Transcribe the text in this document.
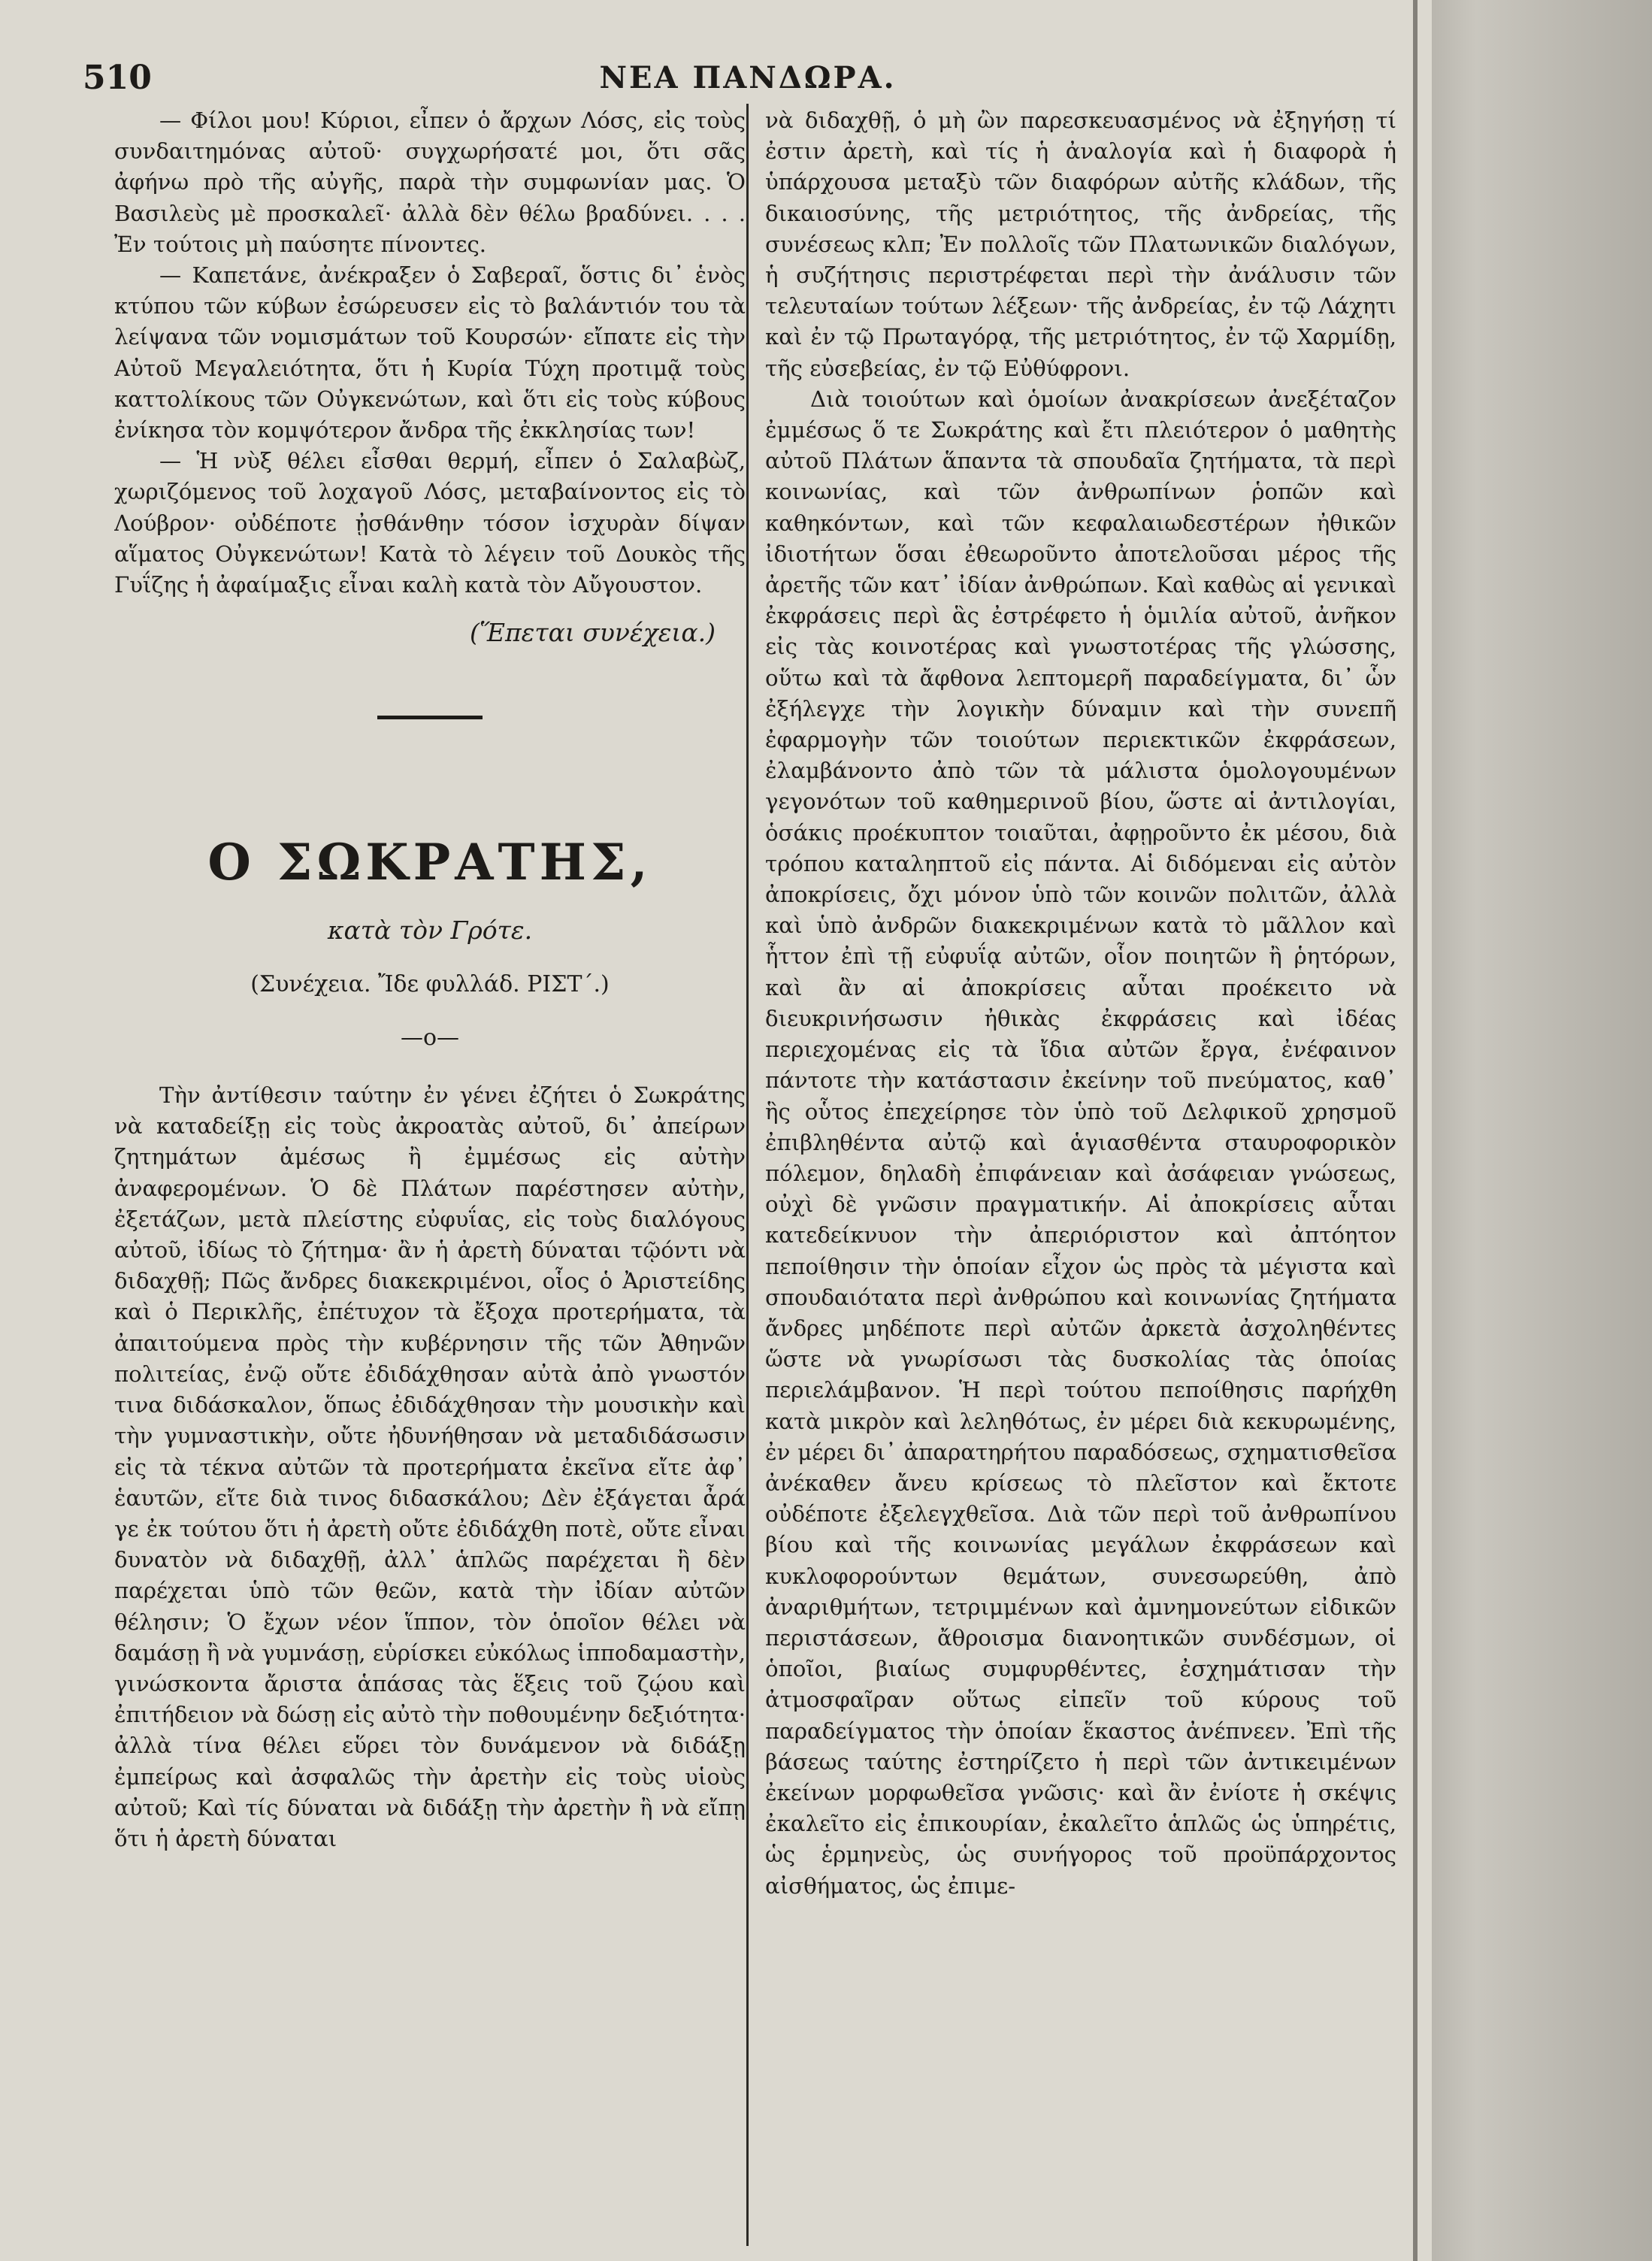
510	ΝΕΑ ΠΑΝΔΩΡΑ.

— Φίλοι μου! Κύριοι, εἶπεν ὁ ἄρχων Λόσς, εἰς τοὺς συνδαιτημόνας αὐτοῦ· συγχωρήσατέ μοι, ὅτι σᾶς ἀφήνω πρὸ τῆς αὐγῆς, παρὰ τὴν συμφωνίαν μας. Ὁ Βασιλεὺς μὲ προσκαλεῖ· ἀλλὰ δὲν θέλω βραδύνει. . . . Ἐν τούτοις μὴ παύσητε πίνοντες.

— Καπετάνε, ἀνέκραξεν ὁ Σαβεραῖ, ὅστις δι᾽ ἑνὸς κτύπου τῶν κύβων ἐσώρευσεν εἰς τὸ βαλάντιόν του τὰ λείψανα τῶν νομισμάτων τοῦ Κουρσών· εἴπατε εἰς τὴν Αὐτοῦ Μεγαλειότητα, ὅτι ἡ Κυρία Τύχη προτιμᾷ τοὺς καττολίκους τῶν Οὐγκενώτων, καὶ ὅτι εἰς τοὺς κύβους ἐνίκησα τὸν κομψότερον ἄνδρα τῆς ἐκκλησίας των!

— Ἡ νὺξ θέλει εἶσθαι θερμή, εἶπεν ὁ Σαλαβὼζ, χωριζόμενος τοῦ λοχαγοῦ Λόσς, μεταβαίνοντος εἰς τὸ Λούβρον· οὐδέποτε ᾐσθάνθην τόσον ἰσχυρὰν δίψαν αἵματος Οὐγκενώτων! Κατὰ τὸ λέγειν τοῦ Δουκὸς τῆς Γυΐζης ἡ ἀφαίμαξις εἶναι καλὴ κατὰ τὸν Αὔγουστον.

(Ἕπεται συνέχεια.)

Ο ΣΩΚΡΑΤΗΣ,

κατὰ τὸν Γρότε.

(Συνέχεια. Ἴδε φυλλάδ. ΡΙΣΤ΄.)

—ο—

Τὴν ἀντίθεσιν ταύτην ἐν γένει ἐζήτει ὁ Σωκράτης νὰ καταδείξῃ εἰς τοὺς ἀκροατὰς αὐτοῦ, δι᾽ ἀπείρων ζητημάτων ἀμέσως ἢ ἐμμέσως εἰς αὐτὴν ἀναφερομένων. Ὁ δὲ Πλάτων παρέστησεν αὐτὴν, ἐξετάζων, μετὰ πλείστης εὐφυΐας, εἰς τοὺς διαλόγους αὐτοῦ, ἰδίως τὸ ζήτημα· ἂν ἡ ἀρετὴ δύναται τῷόντι νὰ διδαχθῇ; Πῶς ἄνδρες διακεκριμένοι, οἷος ὁ Ἀριστείδης καὶ ὁ Περικλῆς, ἐπέτυχον τὰ ἔξοχα προτερήματα, τὰ ἀπαιτούμενα πρὸς τὴν κυβέρνησιν τῆς τῶν Ἀθηνῶν πολιτείας, ἐνῷ οὔτε ἐδιδάχθησαν αὐτὰ ἀπὸ γνωστόν τινα διδάσκαλον, ὅπως ἐδιδάχθησαν τὴν μουσικὴν καὶ τὴν γυμναστικὴν, οὔτε ἠδυνήθησαν νὰ μεταδιδάσωσιν εἰς τὰ τέκνα αὐτῶν τὰ προτερήματα ἐκεῖνα εἴτε ἀφ᾽ ἑαυτῶν, εἴτε διὰ τινος διδασκάλου; Δὲν ἐξάγεται ἆρά γε ἐκ τούτου ὅτι ἡ ἀρετὴ οὔτε ἐδιδάχθη ποτὲ, οὔτε εἶναι δυνατὸν νὰ διδαχθῇ, ἀλλ᾽ ἁπλῶς παρέχεται ἢ δὲν παρέχεται ὑπὸ τῶν θεῶν, κατὰ τὴν ἰδίαν αὐτῶν θέλησιν; Ὁ ἔχων νέον ἵππον, τὸν ὁποῖον θέλει νὰ δαμάσῃ ἢ νὰ γυμνάσῃ, εὑρίσκει εὐκόλως ἱπποδαμαστὴν, γινώσκοντα ἄριστα ἁπάσας τὰς ἕξεις τοῦ ζῴου καὶ ἐπιτήδειον νὰ δώσῃ εἰς αὐτὸ τὴν ποθουμένην δεξιότητα· ἀλλὰ τίνα θέλει εὕρει τὸν δυνάμενον νὰ διδάξῃ ἐμπείρως καὶ ἀσφαλῶς τὴν ἀρετὴν εἰς τοὺς υἱοὺς αὐτοῦ; Καὶ τίς δύναται νὰ διδάξῃ τὴν ἀρετὴν ἢ νὰ εἴπῃ ὅτι ἡ ἀρετὴ δύναται

νὰ διδαχθῇ, ὁ μὴ ὢν παρεσκευασμένος νὰ ἐξηγήσῃ τί ἐστιν ἀρετὴ, καὶ τίς ἡ ἀναλογία καὶ ἡ διαφορὰ ἡ ὑπάρχουσα μεταξὺ τῶν διαφόρων αὐτῆς κλάδων, τῆς δικαιοσύνης, τῆς μετριότητος, τῆς ἀνδρείας, τῆς συνέσεως κλπ; Ἐν πολλοῖς τῶν Πλατωνικῶν διαλόγων, ἡ συζήτησις περιστρέφεται περὶ τὴν ἀνάλυσιν τῶν τελευταίων τούτων λέξεων· τῆς ἀνδρείας, ἐν τῷ Λάχητι καὶ ἐν τῷ Πρωταγόρᾳ, τῆς μετριότητος, ἐν τῷ Χαρμίδῃ, τῆς εὐσεβείας, ἐν τῷ Εὐθύφρονι.

Διὰ τοιούτων καὶ ὁμοίων ἀνακρίσεων ἀνεξέταζον ἐμμέσως ὅ τε Σωκράτης καὶ ἔτι πλειότερον ὁ μαθητὴς αὐτοῦ Πλάτων ἅπαντα τὰ σπουδαῖα ζητήματα, τὰ περὶ κοινωνίας, καὶ τῶν ἀνθρωπίνων ῥοπῶν καὶ καθηκόντων, καὶ τῶν κεφαλαιωδεστέρων ἠθικῶν ἰδιοτήτων ὅσαι ἐθεωροῦντο ἀποτελοῦσαι μέρος τῆς ἀρετῆς τῶν κατ᾽ ἰδίαν ἀνθρώπων. Καὶ καθὼς αἱ γενικαὶ ἐκφράσεις περὶ ἃς ἐστρέφετο ἡ ὁμιλία αὐτοῦ, ἀνῆκον εἰς τὰς κοινοτέρας καὶ γνωστοτέρας τῆς γλώσσης, οὕτω καὶ τὰ ἄφθονα λεπτομερῆ παραδείγματα, δι᾽ ὧν ἐξήλεγχε τὴν λογικὴν δύναμιν καὶ τὴν συνεπῆ ἐφαρμογὴν τῶν τοιούτων περιεκτικῶν ἐκφράσεων, ἐλαμβάνοντο ἀπὸ τῶν τὰ μάλιστα ὁμολογουμένων γεγονότων τοῦ καθημερινοῦ βίου, ὥστε αἱ ἀντιλογίαι, ὁσάκις προέκυπτον τοιαῦται, ἀφῃροῦντο ἐκ μέσου, διὰ τρόπου καταληπτοῦ εἰς πάντα. Αἱ διδόμεναι εἰς αὐτὸν ἀποκρίσεις, ὄχι μόνον ὑπὸ τῶν κοινῶν πολιτῶν, ἀλλὰ καὶ ὑπὸ ἀνδρῶν διακεκριμένων κατὰ τὸ μᾶλλον καὶ ἧττον ἐπὶ τῇ εὐφυΐᾳ αὐτῶν, οἷον ποιητῶν ἢ ῥητόρων, καὶ ἂν αἱ ἀποκρίσεις αὗται προέκειτο νὰ διευκρινήσωσιν ἠθικὰς ἐκφράσεις καὶ ἰδέας περιεχομένας εἰς τὰ ἴδια αὐτῶν ἔργα, ἐνέφαινον πάντοτε τὴν κατάστασιν ἐκείνην τοῦ πνεύματος, καθ᾽ ἣς οὗτος ἐπεχείρησε τὸν ὑπὸ τοῦ Δελφικοῦ χρησμοῦ ἐπιβληθέντα αὐτῷ καὶ ἁγιασθέντα σταυροφορικὸν πόλεμον, δηλαδὴ ἐπιφάνειαν καὶ ἀσάφειαν γνώσεως, οὐχὶ δὲ γνῶσιν πραγματικήν. Αἱ ἀποκρίσεις αὗται κατεδείκνυον τὴν ἀπεριόριστον καὶ ἀπτόητον πεποίθησιν τὴν ὁποίαν εἶχον ὡς πρὸς τὰ μέγιστα καὶ σπουδαιότατα περὶ ἀνθρώπου καὶ κοινωνίας ζητήματα ἄνδρες μηδέποτε περὶ αὐτῶν ἀρκετὰ ἀσχοληθέντες ὥστε νὰ γνωρίσωσι τὰς δυσκολίας τὰς ὁποίας περιελάμβανον. Ἡ περὶ τούτου πεποίθησις παρήχθη κατὰ μικρὸν καὶ λεληθότως, ἐν μέρει διὰ κεκυρωμένης, ἐν μέρει δι᾽ ἀπαρατηρήτου παραδόσεως, σχηματισθεῖσα ἀνέκαθεν ἄνευ κρίσεως τὸ πλεῖστον καὶ ἔκτοτε οὐδέποτε ἐξελεγχθεῖσα. Διὰ τῶν περὶ τοῦ ἀνθρωπίνου βίου καὶ τῆς κοινωνίας μεγάλων ἐκφράσεων καὶ κυκλοφορούντων θεμάτων, συνεσωρεύθη, ἀπὸ ἀναριθμήτων, τετριμμένων καὶ ἀμνημονεύτων εἰδικῶν περιστάσεων, ἄθροισμα διανοητικῶν συνδέσμων, οἱ ὁποῖοι, βιαίως συμφυρθέντες, ἐσχημάτισαν τὴν ἀτμοσφαῖραν οὕτως εἰπεῖν τοῦ κύρους τοῦ παραδείγματος τὴν ὁποίαν ἕκαστος ἀνέπνεεν. Ἐπὶ τῆς βάσεως ταύτης ἐστηρίζετο ἡ περὶ τῶν ἀντικειμένων ἐκείνων μορφωθεῖσα γνῶσις· καὶ ἂν ἐνίοτε ἡ σκέψις ἐκαλεῖτο εἰς ἐπικουρίαν, ἐκαλεῖτο ἁπλῶς ὡς ὑπηρέτις, ὡς ἑρμηνεὺς, ὡς συνήγορος τοῦ προϋπάρχοντος αἰσθήματος, ὡς ἐπιμε-
